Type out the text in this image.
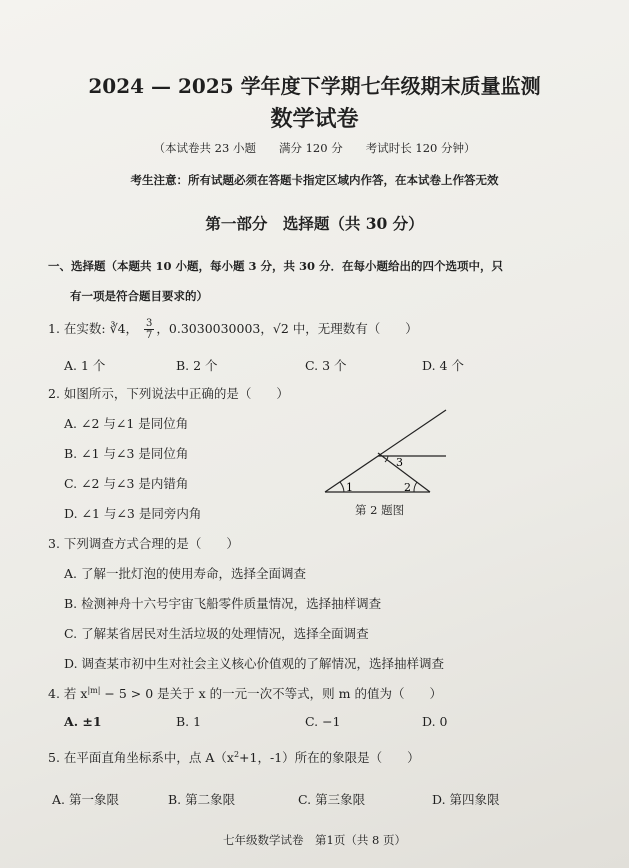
2024 — 2025 学年度下学期七年级期末质量监测
数学试卷
（本试卷共 23 小题　　满分 120 分　　考试时长 120 分钟）
考生注意：所有试题必须在答题卡指定区域内作答，在本试卷上作答无效
第一部分　选择题（共 30 分）
一、选择题（本题共 10 小题，每小题 3 分，共 30 分．在每小题给出的四个选项中，只
有一项是符合题目要求的）
1. 在实数: ∛4， $\frac{3}{7}$ ，0.3030030003，√2 中，无理数有（　　）
A. 1 个	B. 2 个	C. 3 个	D. 4 个
2. 如图所示，下列说法中正确的是（　　）
A. ∠2 与∠1 是同位角
B. ∠1 与∠3 是同位角
C. ∠2 与∠3 是内错角
D. ∠1 与∠3 是同旁内角
1	2
3
第 2 题图
3. 下列调查方式合理的是（　　）
A. 了解一批灯泡的使用寿命，选择全面调查
B. 检测神舟十六号宇宙飞船零件质量情况，选择抽样调查
C. 了解某省居民对生活垃圾的处理情况，选择全面调查
D. 调查某市初中生对社会主义核心价值观的了解情况，选择抽样调查
4. 若 $x^{|m|} - 5 > 0$ 是关于 x 的一元一次不等式，则 m 的值为（　　）
A. ±1	B. 1	C. −1	D. 0
5. 在平面直角坐标系中，点 $A(x^2+1$，-1）所在的象限是（　　）
A. 第一象限	B. 第二象限	C. 第三象限	D. 第四象限
七年级数学试卷　第1页（共 8 页）
